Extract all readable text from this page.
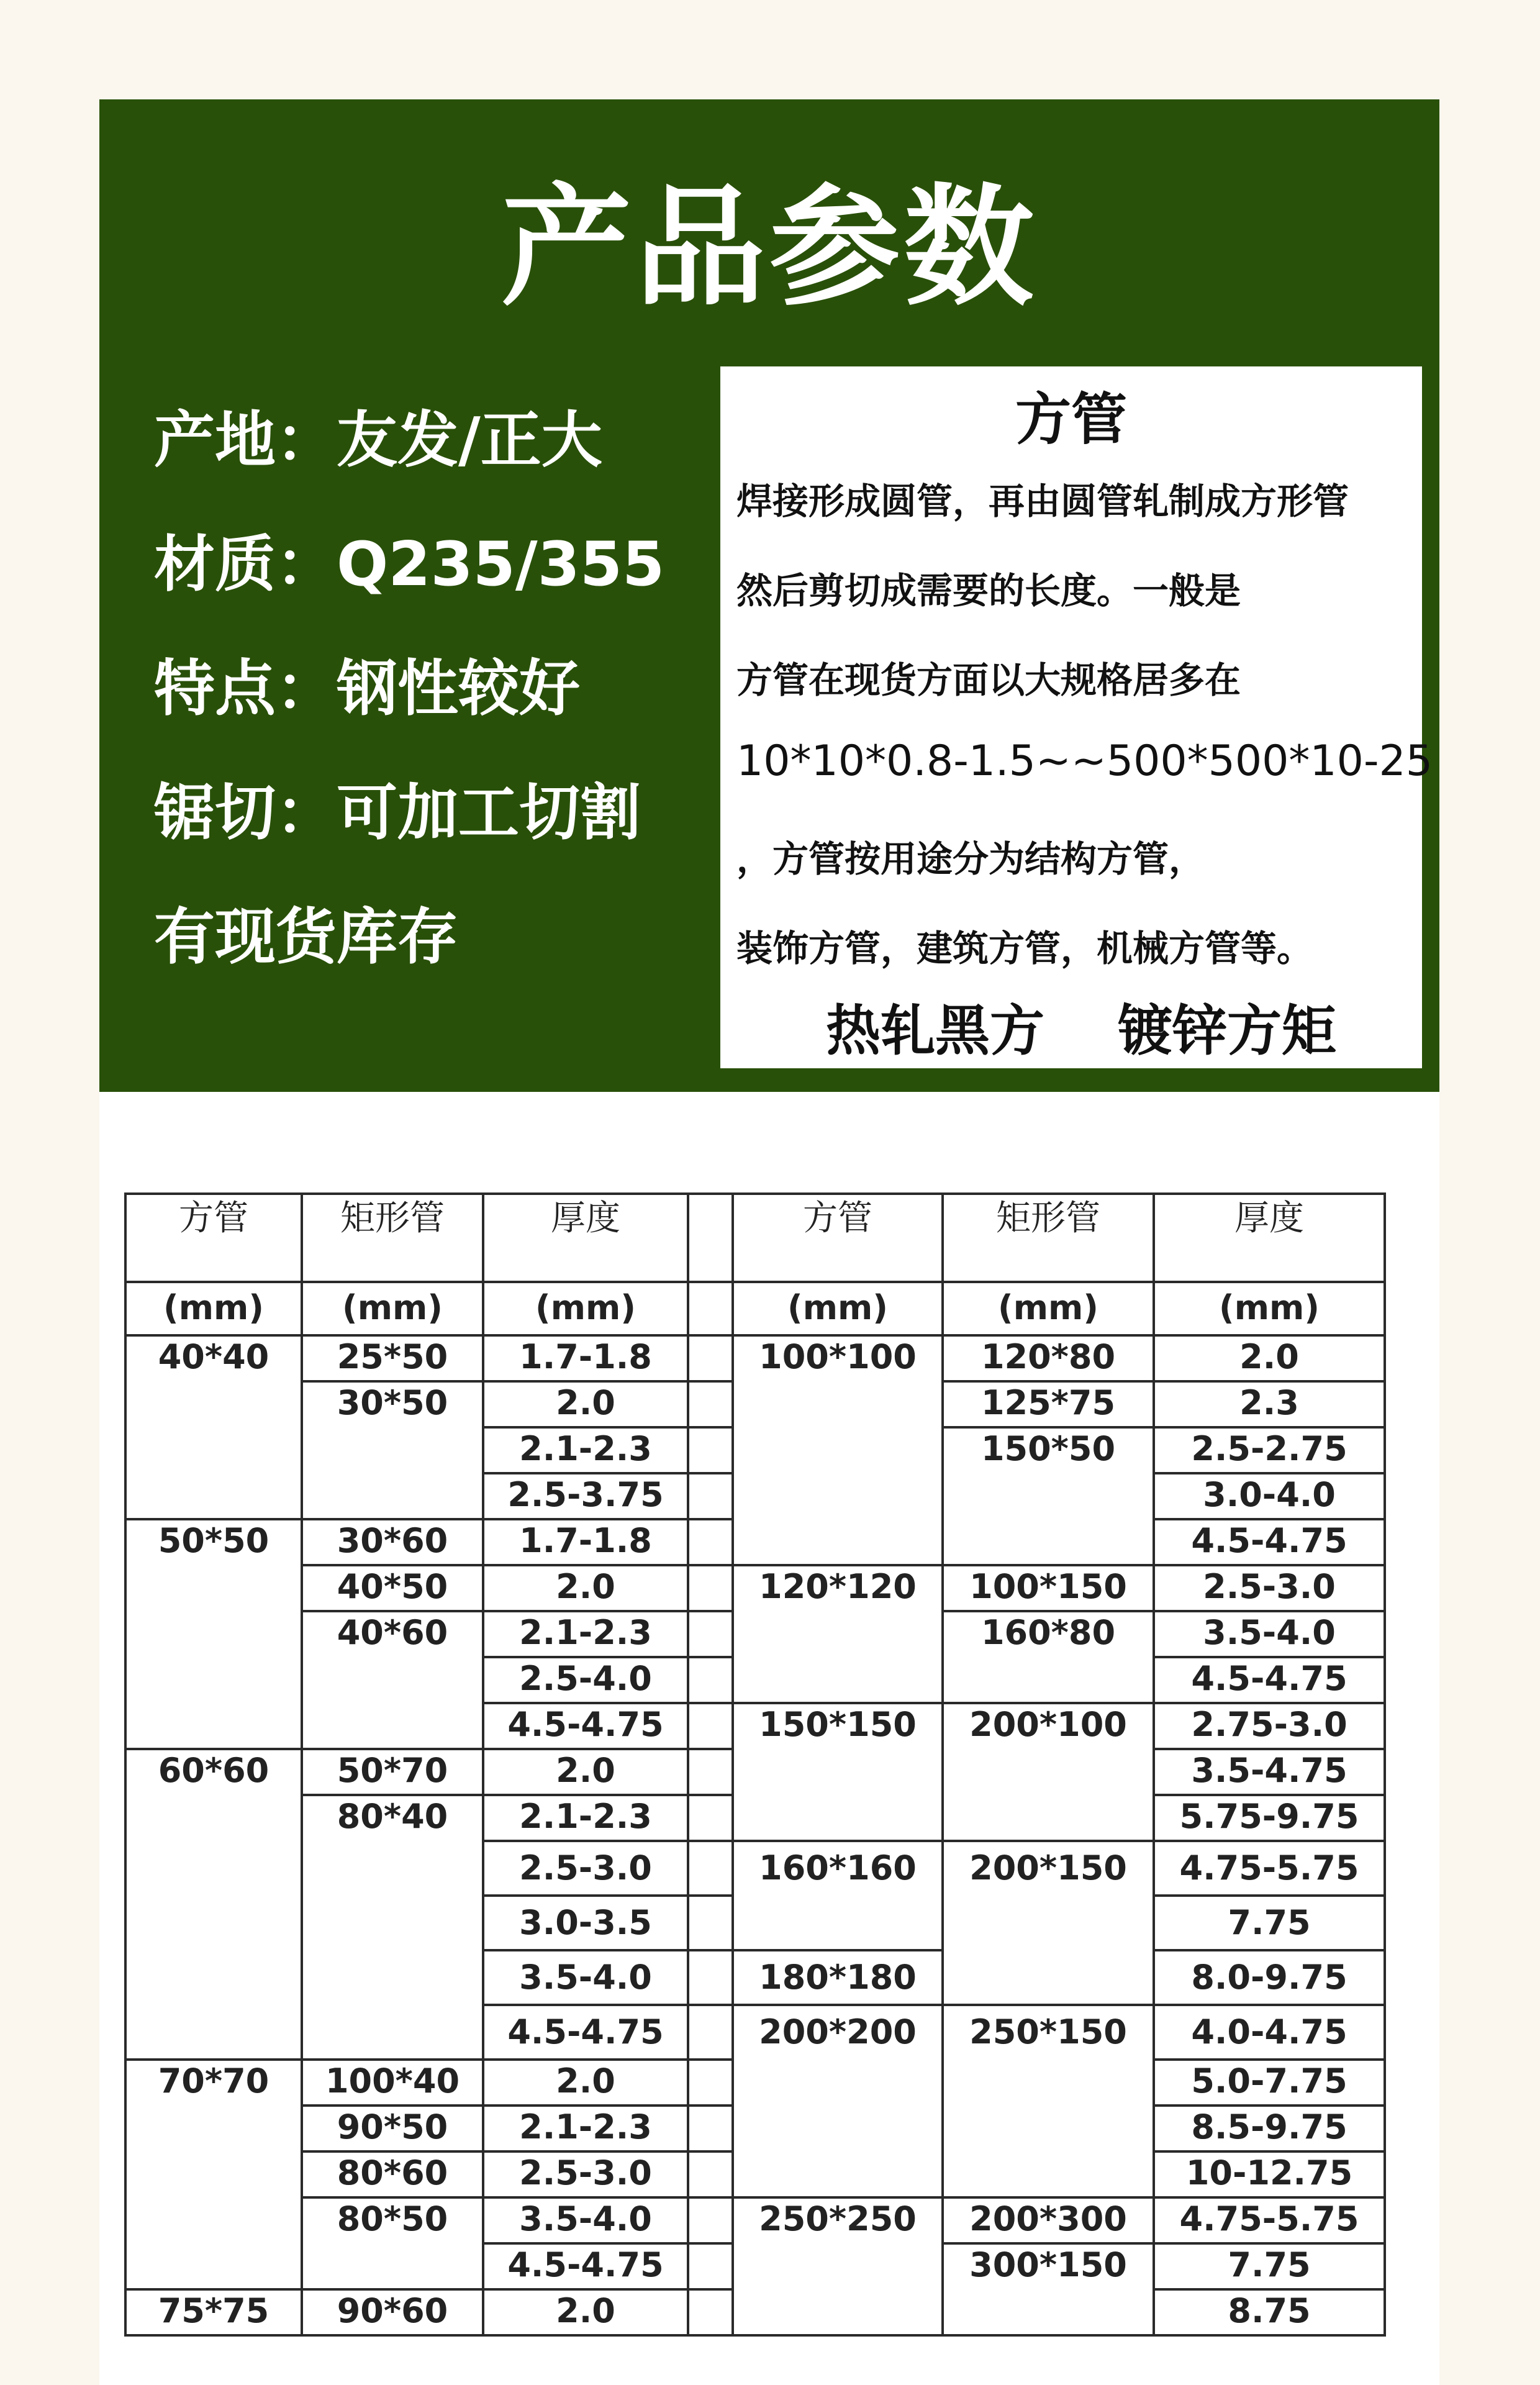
产品参数
产地：友发/正大
材质：Q235/355
特点：钢性较好
锯切：可加工切割
有现货库存
方管
焊接形成圆管，再由圆管轧制成方形管
然后剪切成需要的长度。一般是
方管在现货方面以大规格居多在
10*10*0.8-1.5~~500*500*10-25
，方管按用途分为结构方管，
装饰方管，建筑方管，机械方管等。
热轧黑方 镀锌方矩
方管	矩形管	厚度		方管	矩形管	厚度
(mm)	(mm)	(mm)		(mm)	(mm)	(mm)
40*40	25*50	1.7-1.8		100*100	120*80	2.0
	30*50	2.0			125*75	2.3
		2.1-2.3			150*50	2.5-2.75
		2.5-3.75				3.0-4.0
50*50	30*60	1.7-1.8				4.5-4.75
	40*50	2.0		120*120	100*150	2.5-3.0
	40*60	2.1-2.3			160*80	3.5-4.0
		2.5-4.0				4.5-4.75
		4.5-4.75		150*150	200*100	2.75-3.0
60*60	50*70	2.0				3.5-4.75
	80*40	2.1-2.3				5.75-9.75
		2.5-3.0		160*160	200*150	4.75-5.75
		3.0-3.5				7.75
		3.5-4.0		180*180		8.0-9.75
		4.5-4.75		200*200	250*150	4.0-4.75
70*70	100*40	2.0				5.0-7.75
	90*50	2.1-2.3				8.5-9.75
	80*60	2.5-3.0				10-12.75
	80*50	3.5-4.0		250*250	200*300	4.75-5.75
		4.5-4.75			300*150	7.75
75*75	90*60	2.0				8.75
